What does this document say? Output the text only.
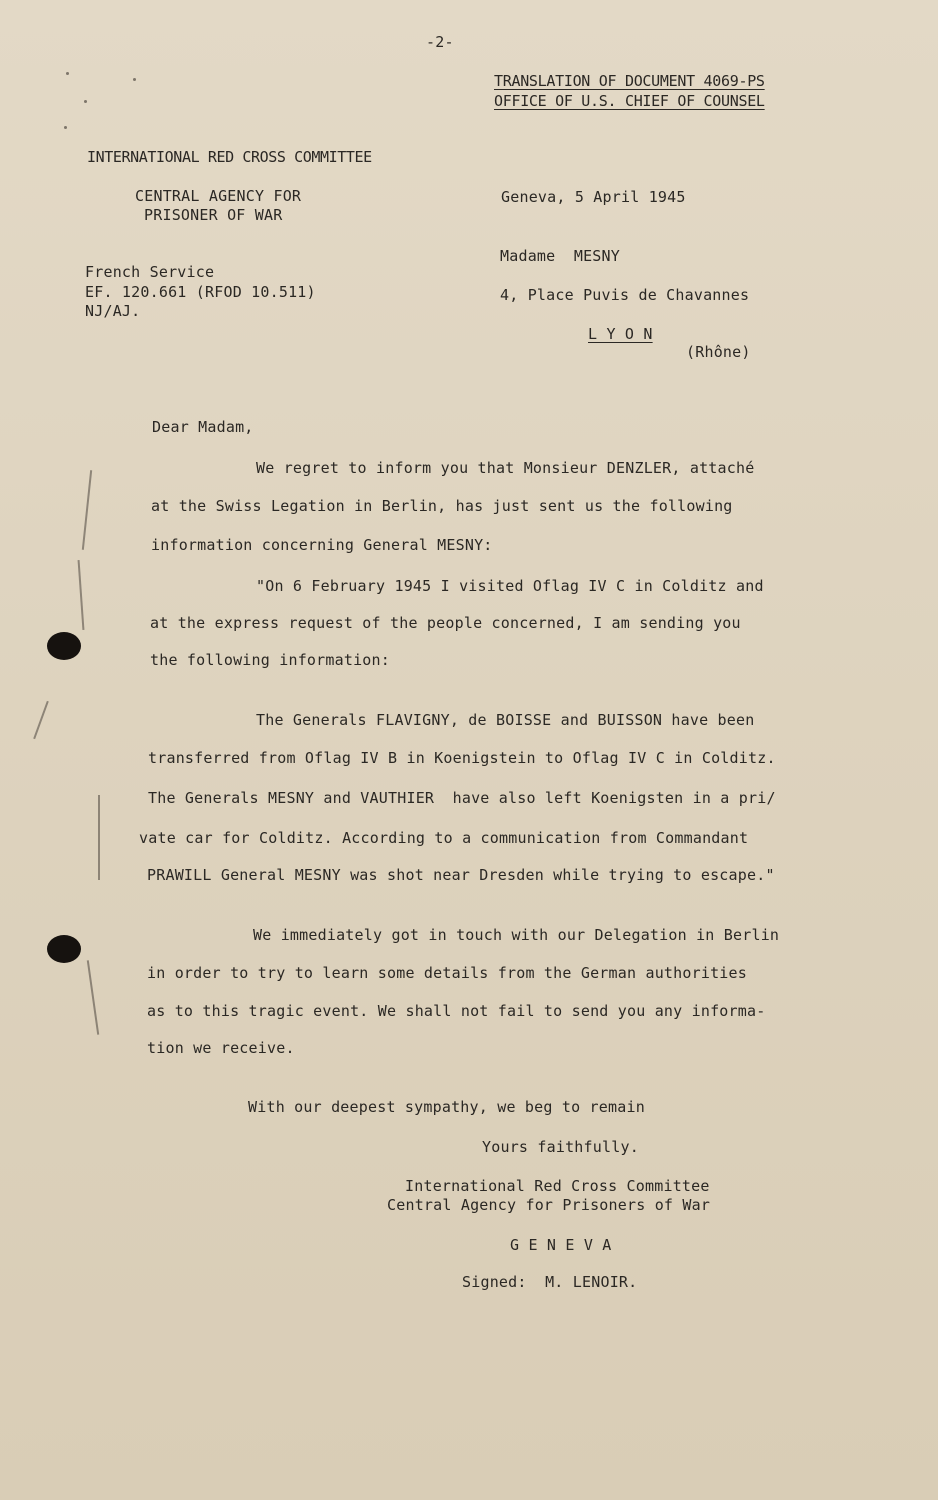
-2-
TRANSLATION OF DOCUMENT 4069-PS
OFFICE OF U.S. CHIEF OF COUNSEL
INTERNATIONAL RED CROSS COMMITTEE
CENTRAL AGENCY FOR
PRISONER OF WAR
French Service
EF. 120.661 (RFOD 10.511)
NJ/AJ.
Geneva, 5 April 1945
Madame  MESNY
4, Place Puvis de Chavannes
L Y O N
(Rhône)
Dear Madam,
We regret to inform you that Monsieur DENZLER, attaché
at the Swiss Legation in Berlin, has just sent us the following
information concerning General MESNY:
"On 6 February 1945 I visited Oflag IV C in Colditz and
at the express request of the people concerned, I am sending you
the following information:
The Generals FLAVIGNY, de BOISSE and BUISSON have been
transferred from Oflag IV B in Koenigstein to Oflag IV C in Colditz.
The Generals MESNY and VAUTHIER  have also left Koenigsten in a pri/
vate car for Colditz. According to a communication from Commandant
PRAWILL General MESNY was shot near Dresden while trying to escape."
We immediately got in touch with our Delegation in Berlin
in order to try to learn some details from the German authorities
as to this tragic event. We shall not fail to send you any informa-
tion we receive.
With our deepest sympathy, we beg to remain
Yours faithfully.
International Red Cross Committee
Central Agency for Prisoners of War
G E N E V A
Signed:  M. LENOIR.
